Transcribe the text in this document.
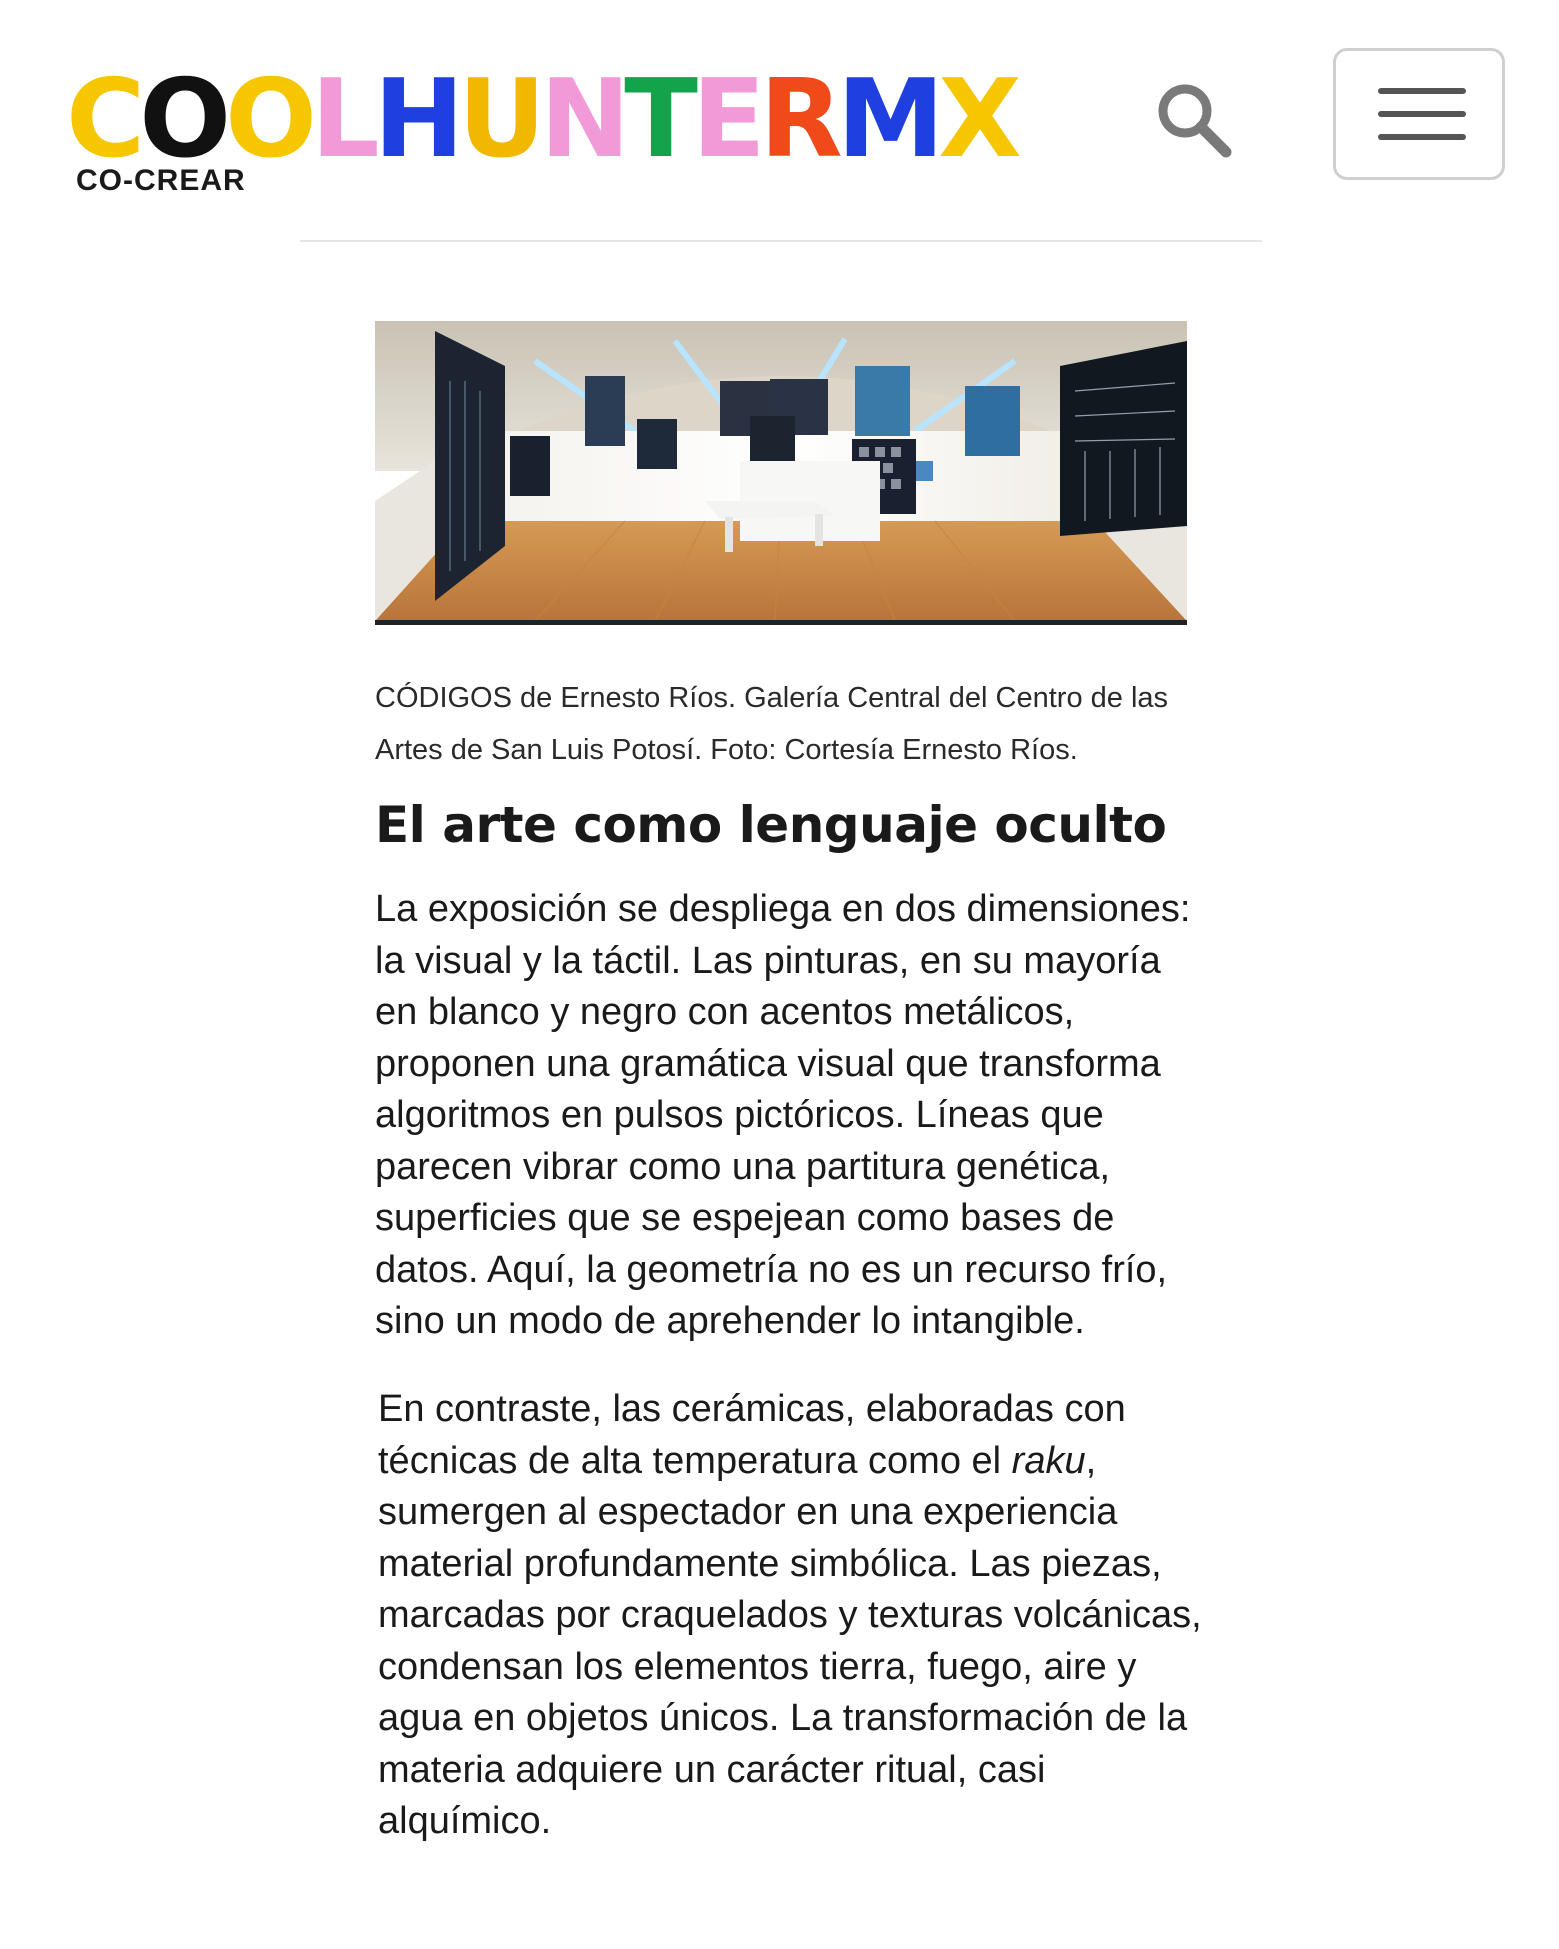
COOLHUNTERMX
CO-CREAR
CÓDIGOS de Ernesto Ríos. Galería Central del Centro de las
Artes de San Luis Potosí. Foto: Cortesía Ernesto Ríos.
El arte como lenguaje oculto

La exposición se despliega en dos dimensiones:
la visual y la táctil. Las pinturas, en su mayoría
en blanco y negro con acentos metálicos,
proponen una gramática visual que transforma
algoritmos en pulsos pictóricos. Líneas que
parecen vibrar como una partitura genética,
superficies que se espejean como bases de
datos. Aquí, la geometría no es un recurso frío,
sino un modo de aprehender lo intangible.

En contraste, las cerámicas, elaboradas con
técnicas de alta temperatura como el raku,
sumergen al espectador en una experiencia
material profundamente simbólica. Las piezas,
marcadas por craquelados y texturas volcánicas,
condensan los elementos tierra, fuego, aire y
agua en objetos únicos. La transformación de la
materia adquiere un carácter ritual, casi
alquímico.
